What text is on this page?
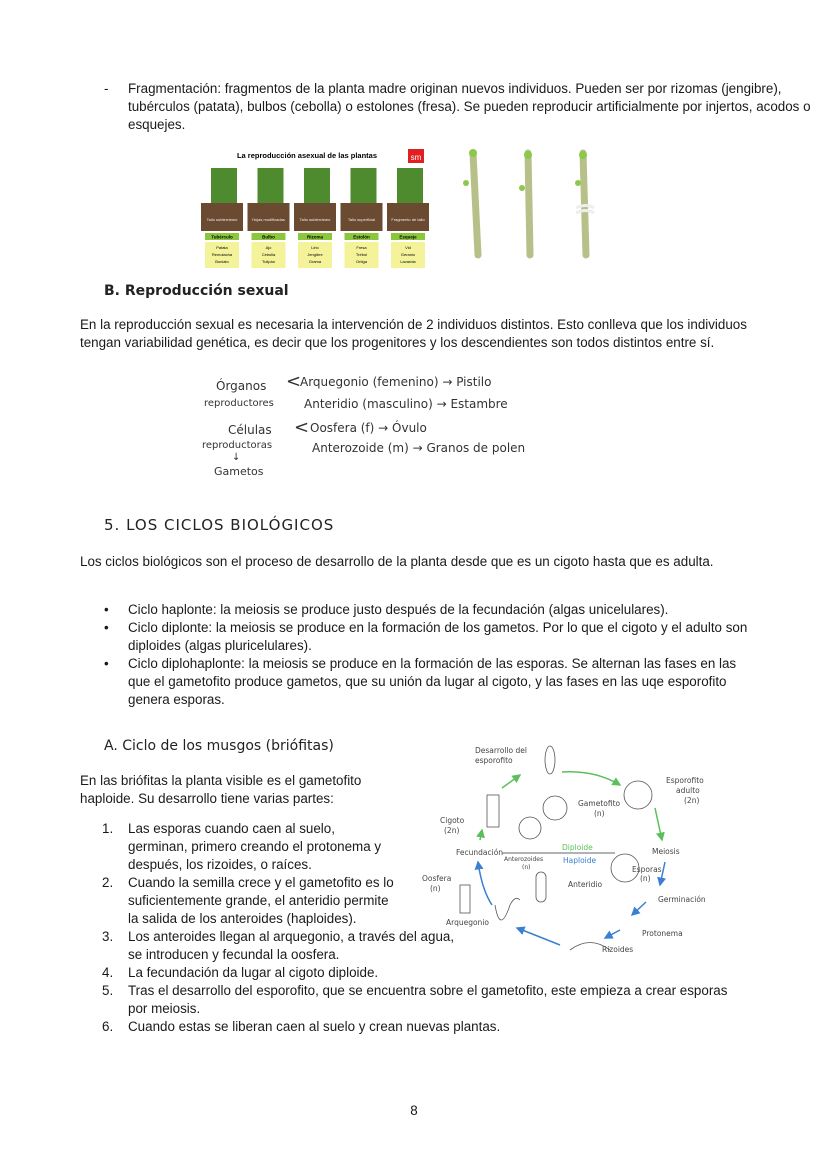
- Fragmentación: fragmentos de la planta madre originan nuevos individuos. Pueden ser por rizomas (jengibre), tubérculos (patata), bulbos (cebolla) o estolones (fresa). Se pueden reproducir artificialmente por injertos, acodos o esquejes.
La reproducción asexual de las plantas	sm
Tallo subterráneo
Tubérculo
Patata
Remolacha
Boniato
Hojas modificadas
Bulbo
Ajo
Cebolla
Tulipán
Tallo subterráneo
Rizoma
Lirio
Jengibre
Grama
Tallo superficial
Estolón
Fresa
Trébol
Ortiga
Fragmento de tallo
Esqueje
Vid
Geranio
Lavanda
B. Reproducción sexual
En la reproducción sexual es necesaria la intervención de 2 individuos distintos. Esto conlleva que los individuos tengan variabilidad genética, es decir que los progenitores y los descendientes son todos distintos entre sí.
Órganos
reproductores
<
Arquegonio (femenino) → Pistilo
Anteridio (masculino) → Estambre
Células
reproductoras
↓
Gametos
< Oosfera (f) → Óvulo
Anterozoide (m) → Granos de polen
5. LOS CICLOS BIOLÓGICOS
Los ciclos biológicos son el proceso de desarrollo de la planta desde que es un cigoto hasta que es adulta.
• Ciclo haplonte: la meiosis se produce justo después de la fecundación (algas unicelulares).
• Ciclo diplonte: la meiosis se produce en la formación de los gametos. Por lo que el cigoto y el adulto son diploides (algas pluricelulares).
• Ciclo diplohaplonte: la meiosis se produce en la formación de las esporas. Se alternan las fases en las que el gametofito produce gametos, que su unión da lugar al cigoto, y las fases en las uqe esporofito genera esporas.
A. Ciclo de los musgos (briófitas)
En las briófitas la planta visible es el gametofito haploide. Su desarrollo tiene varias partes:
1. Las esporas cuando caen al suelo, germinan, primero creando el protonema y después, los rizoides, o raíces.
2. Cuando la semilla crece y el gametofito es lo suficientemente grande, el anteridio permite la salida de los anteroides (haploides).
3. Los anteroides llegan al arquegonio, a través del agua, se introducen y fecundal la oosfera.
4. La fecundación da lugar al cigoto diploide.
5. Tras el desarrollo del esporofito, que se encuentra sobre el gametofito, este empieza a crear esporas por meiosis.
6. Cuando estas se liberan caen al suelo y crean nuevas plantas.
Desarrollo del
esporofito
Esporofito
adulto
(2n)
Gametofito
(n)
Cigoto
(2n)
Fecundación
Diploide
Haploide
Meiosis
Anterozoides
(n)	Esporas
(n)
Oosfera
(n)	Anteridio
Germinación
Arquegonio
Protonema
Rizoides
8
